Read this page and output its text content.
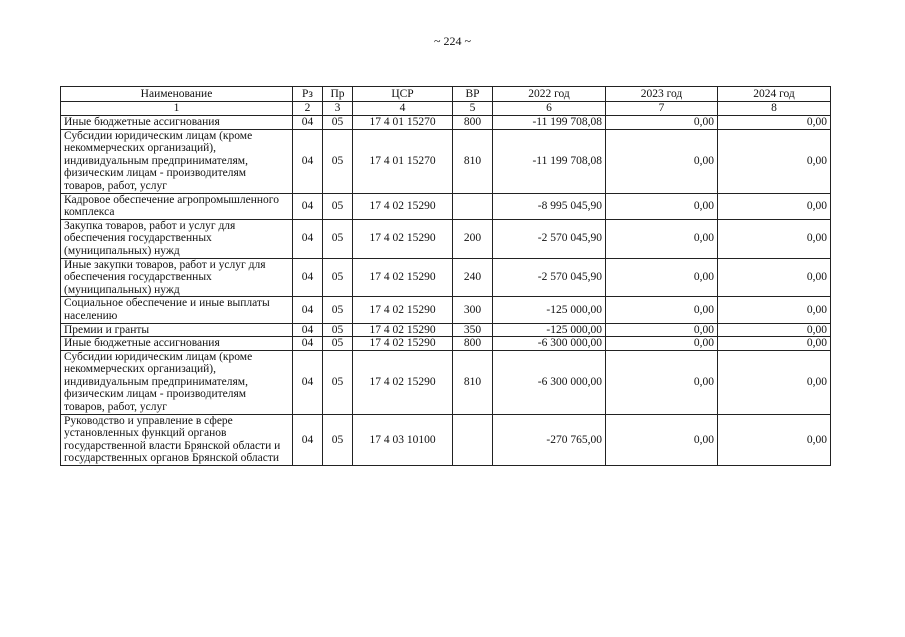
~ 224 ~
Наименование	Рз	Пр	ЦСР	ВР	2022 год	2023 год	2024 год
1	2	3	4	5	6	7	8
Иные бюджетные ассигнования	04	05	17 4 01 15270	800	-11 199 708,08	0,00	0,00
Субсидии юридическим лицам (кроме некоммерческих организаций), индивидуальным предпринимателям, физическим лицам - производителям товаров, работ, услуг	04	05	17 4 01 15270	810	-11 199 708,08	0,00	0,00
Кадровое обеспечение агропромышленного комплекса	04	05	17 4 02 15290		-8 995 045,90	0,00	0,00
Закупка товаров, работ и услуг для обеспечения государственных (муниципальных) нужд	04	05	17 4 02 15290	200	-2 570 045,90	0,00	0,00
Иные закупки товаров, работ и услуг для обеспечения государственных (муниципальных) нужд	04	05	17 4 02 15290	240	-2 570 045,90	0,00	0,00
Социальное обеспечение и иные выплаты населению	04	05	17 4 02 15290	300	-125 000,00	0,00	0,00
Премии и гранты	04	05	17 4 02 15290	350	-125 000,00	0,00	0,00
Иные бюджетные ассигнования	04	05	17 4 02 15290	800	-6 300 000,00	0,00	0,00
Субсидии юридическим лицам (кроме некоммерческих организаций), индивидуальным предпринимателям, физическим лицам - производителям товаров, работ, услуг	04	05	17 4 02 15290	810	-6 300 000,00	0,00	0,00
Руководство и управление в сфере установленных функций органов государственной власти Брянской области и государственных органов Брянской области	04	05	17 4 03 10100		-270 765,00	0,00	0,00
